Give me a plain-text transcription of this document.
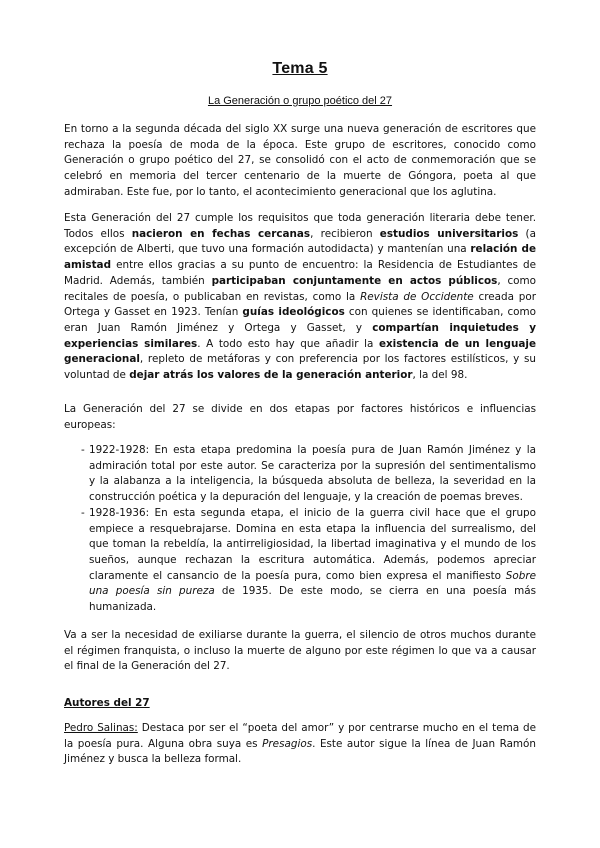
Tema 5
La Generación o grupo poético del 27

En torno a la segunda década del siglo XX surge una nueva generación de escritores que rechaza la poesía de moda de la época. Este grupo de escritores, conocido como Generación o grupo poético del 27, se consolidó con el acto de conmemoración que se celebró en memoria del tercer centenario de la muerte de Góngora, poeta al que admiraban. Este fue, por lo tanto, el acontecimiento generacional que los aglutina.

Esta Generación del 27 cumple los requisitos que toda generación literaria debe tener. Todos ellos nacieron en fechas cercanas, recibieron estudios universitarios (a excepción de Alberti, que tuvo una formación autodidacta) y mantenían una relación de amistad entre ellos gracias a su punto de encuentro: la Residencia de Estudiantes de Madrid. Además, también participaban conjuntamente en actos públicos, como recitales de poesía, o publicaban en revistas, como la Revista de Occidente creada por Ortega y Gasset en 1923. Tenían guías ideológicos con quienes se identificaban, como eran Juan Ramón Jiménez y Ortega y Gasset, y compartían inquietudes y experiencias similares. A todo esto hay que añadir la existencia de un lenguaje generacional, repleto de metáforas y con preferencia por los factores estilísticos, y su voluntad de dejar atrás los valores de la generación anterior, la del 98.

La Generación del 27 se divide en dos etapas por factores históricos e influencias europeas:

- 1922-1928: En esta etapa predomina la poesía pura de Juan Ramón Jiménez y la admiración total por este autor. Se caracteriza por la supresión del sentimentalismo y la alabanza a la inteligencia, la búsqueda absoluta de belleza, la severidad en la construcción poética y la depuración del lenguaje, y la creación de poemas breves.
- 1928-1936: En esta segunda etapa, el inicio de la guerra civil hace que el grupo empiece a resquebrajarse. Domina en esta etapa la influencia del surrealismo, del que toman la rebeldía, la antirreligiosidad, la libertad imaginativa y el mundo de los sueños, aunque rechazan la escritura automática. Además, podemos apreciar claramente el cansancio de la poesía pura, como bien expresa el manifiesto Sobre una poesía sin pureza de 1935. De este modo, se cierra en una poesía más humanizada.

Va a ser la necesidad de exiliarse durante la guerra, el silencio de otros muchos durante el régimen franquista, o incluso la muerte de alguno por este régimen lo que va a causar el final de la Generación del 27.

Autores del 27

Pedro Salinas: Destaca por ser el “poeta del amor” y por centrarse mucho en el tema de la poesía pura. Alguna obra suya es Presagios. Este autor sigue la línea de Juan Ramón Jiménez y busca la belleza formal.
